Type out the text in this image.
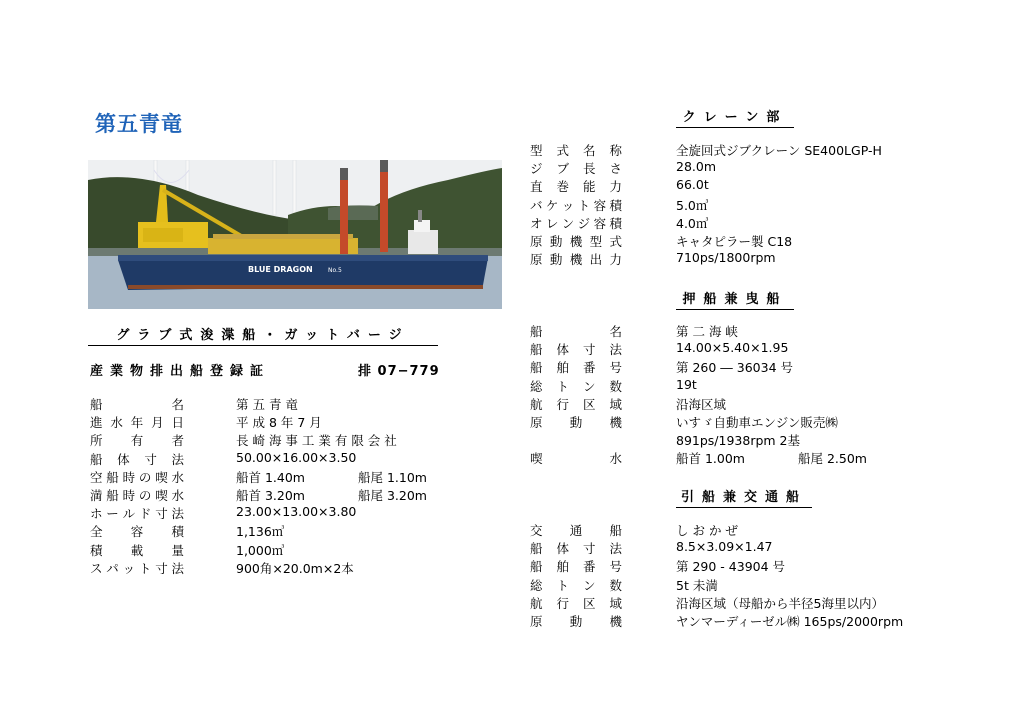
第五青竜
BLUE DRAGON	No.5
グラブ式浚渫船・ガットバージ
産業物排出船登録証	排 07−779
船	名	第 五 青 竜
進 水 年 月 日	平 成 8 年 7 月
所 有 者	長 崎 海 事 工 業 有 限 会 社
船 体 寸 法	50.00×16.00×3.50
空 船 時 の 喫 水	船首 1.40m	船尾 1.10m
満 船 時 の 喫 水	船首 3.20m	船尾 3.20m
ホ ー ル ド 寸 法	23.00×13.00×3.80
全 容 積	1,136㎥
積 載 量	1,000㎥
ス パ ッ ト 寸 法	900角×20.0m×2本
クレーン部
型 式 名 称	全旋回式ジブクレーン SE400LGP-H
ジ ブ 長 さ	28.0m
直 巻 能 力	66.0t
バ ケ ッ ト 容 積	5.0㎥
オ レ ン ジ 容 積	4.0㎥
原 動 機 型 式	キャタピラー製 C18
原 動 機 出 力	710ps/1800rpm
押船兼曳船
船	名	第 二 海 峡
船 体 寸 法	14.00×5.40×1.95
船 舶 番 号	第 260 ― 36034 号
総 ト ン 数	19t
航 行 区 域	沿海区域
原 動 機	いすゞ自動車エンジン販売㈱
891ps/1938rpm 2基
喫	水	船首 1.00m	船尾 2.50m
引船兼交通船
交 通 船	し お か ぜ
船 体 寸 法	8.5×3.09×1.47
船 舶 番 号	第 290 - 43904 号
総 ト ン 数	5t 未満
航 行 区 域	沿海区域（母船から半径5海里以内）
原 動 機	ヤンマーディーゼル㈱ 165ps/2000rpm
